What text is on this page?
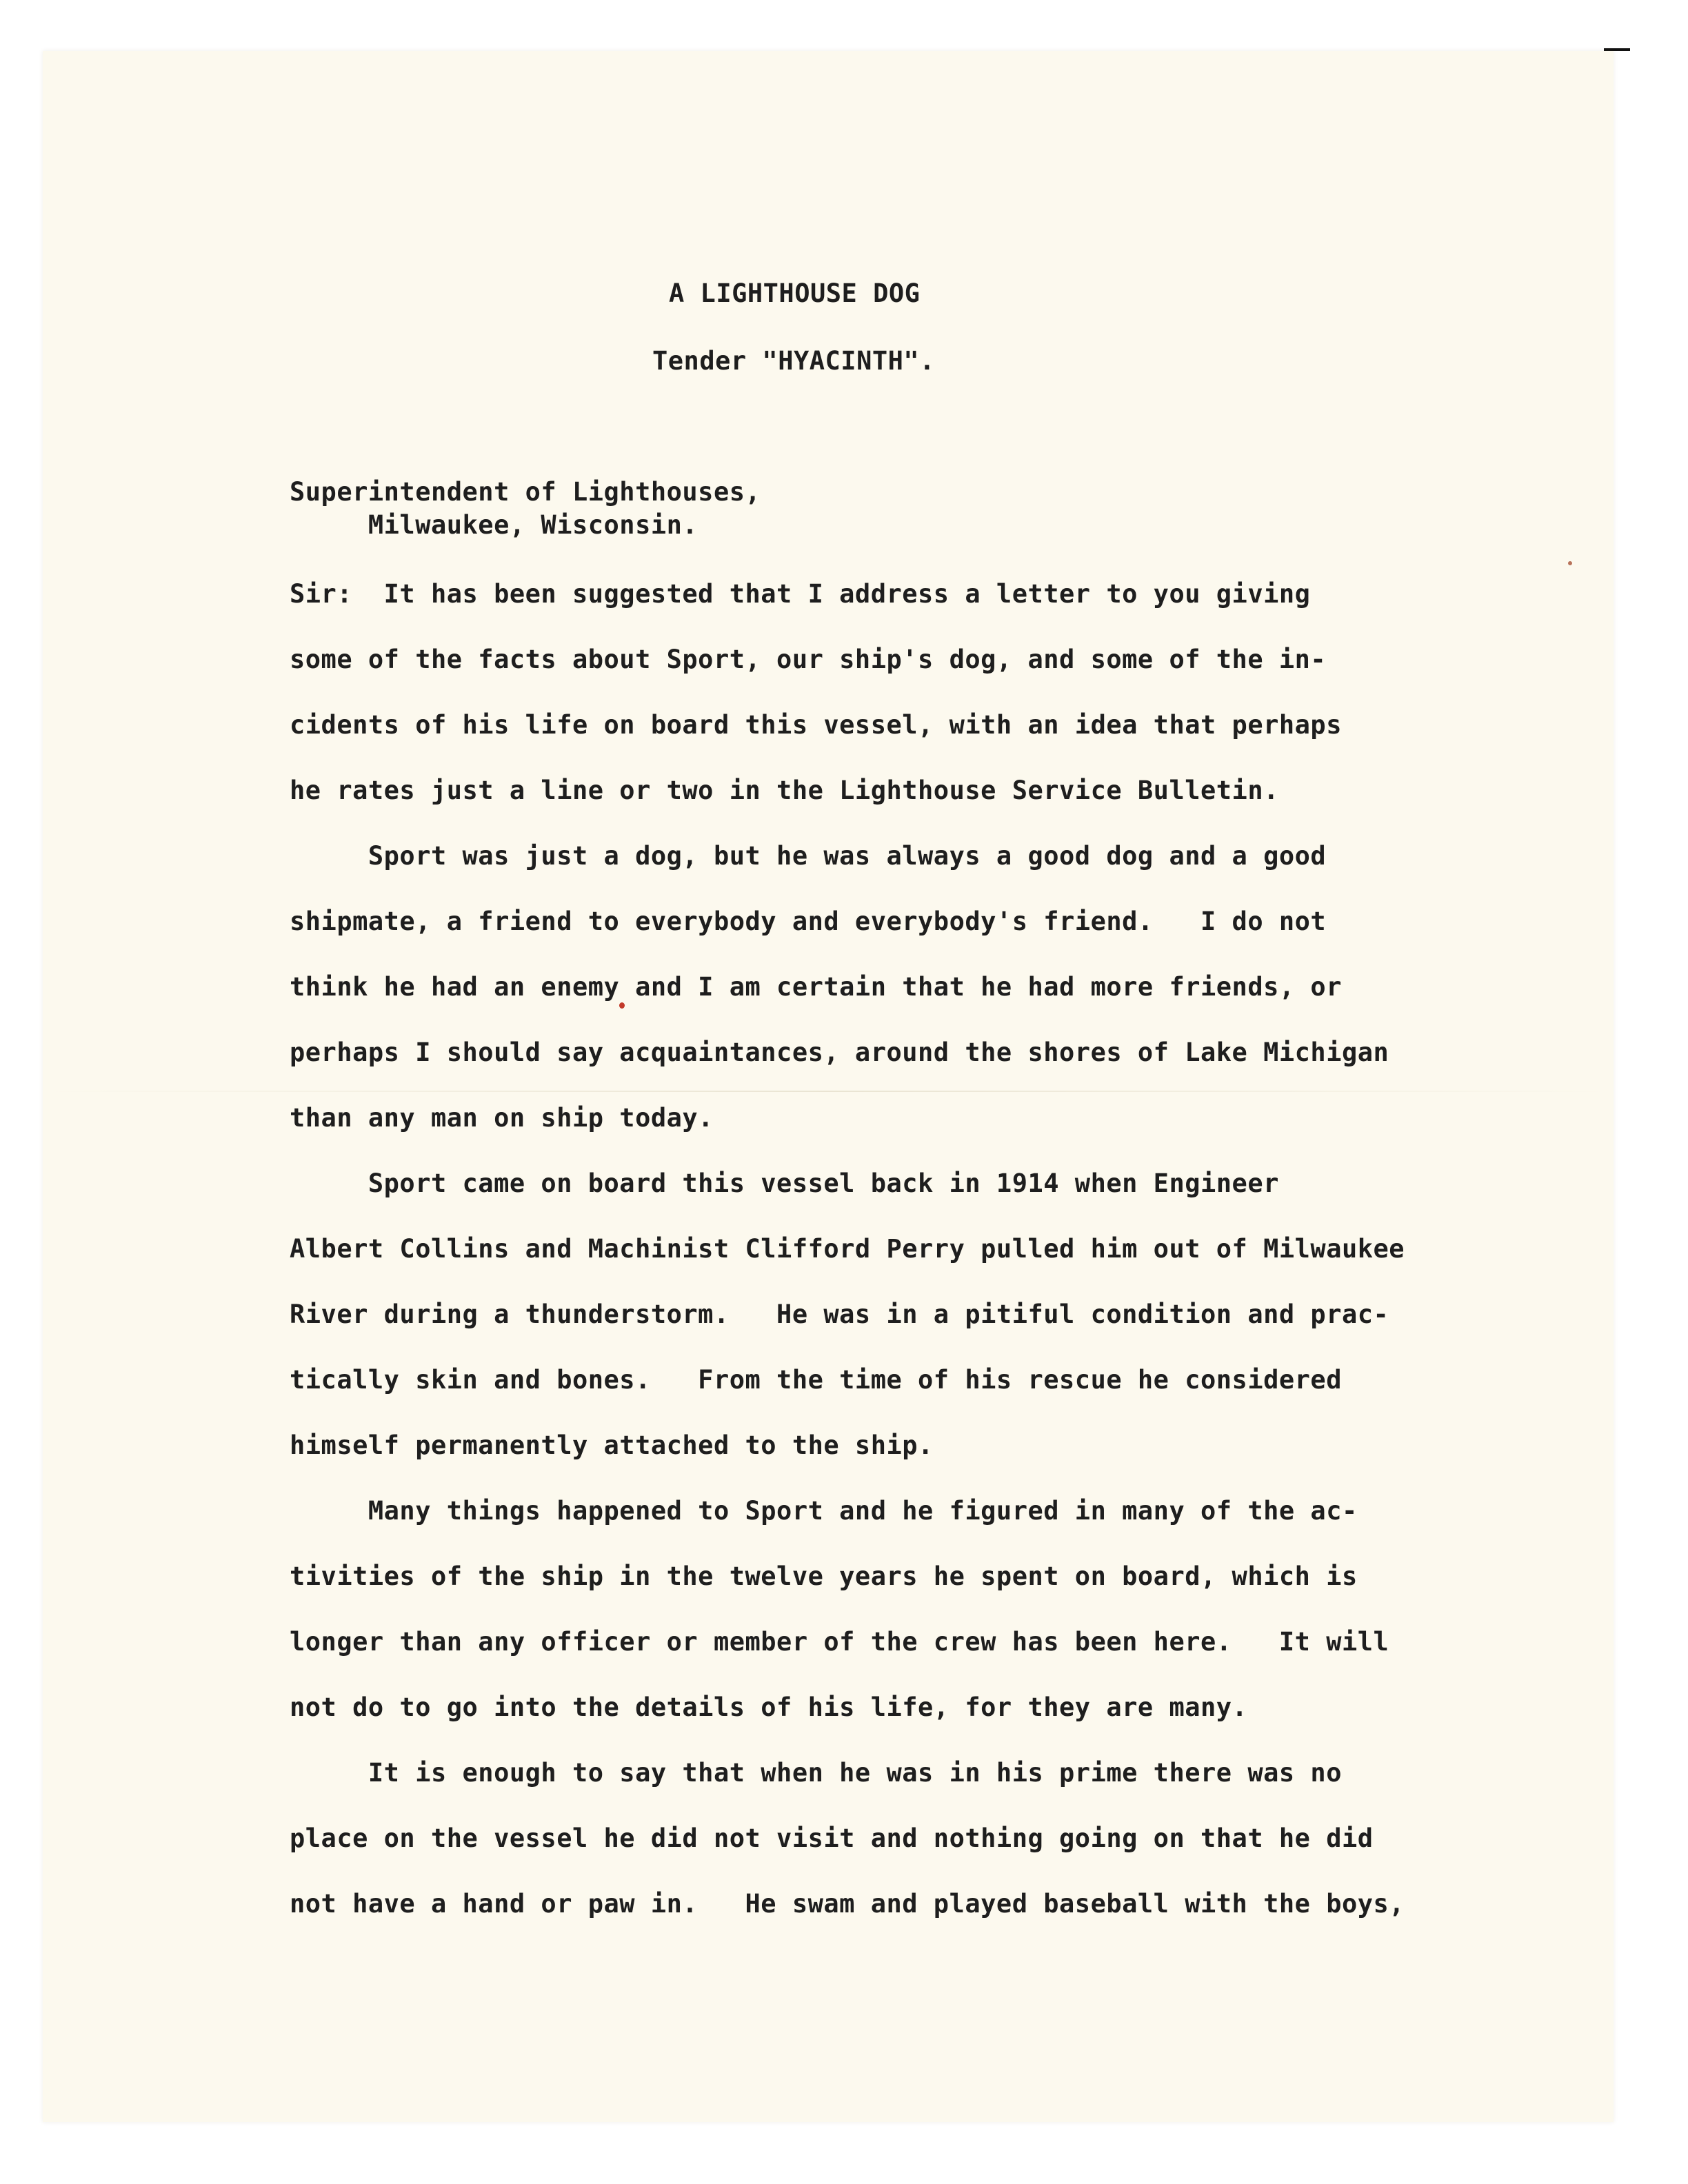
A LIGHTHOUSE DOG
Tender "HYACINTH".
Superintendent of Lighthouses,
Milwaukee, Wisconsin.
Sir:  It has been suggested that I address a letter to you giving
some of the facts about Sport, our ship's dog, and some of the in-
cidents of his life on board this vessel, with an idea that perhaps
he rates just a line or two in the Lighthouse Service Bulletin.
Sport was just a dog, but he was always a good dog and a good
shipmate, a friend to everybody and everybody's friend.   I do not
think he had an enemy and I am certain that he had more friends, or
perhaps I should say acquaintances, around the shores of Lake Michigan
than any man on ship today.
Sport came on board this vessel back in 1914 when Engineer
Albert Collins and Machinist Clifford Perry pulled him out of Milwaukee
River during a thunderstorm.   He was in a pitiful condition and prac-
tically skin and bones.   From the time of his rescue he considered
himself permanently attached to the ship.
Many things happened to Sport and he figured in many of the ac-
tivities of the ship in the twelve years he spent on board, which is
longer than any officer or member of the crew has been here.   It will
not do to go into the details of his life, for they are many.
It is enough to say that when he was in his prime there was no
place on the vessel he did not visit and nothing going on that he did
not have a hand or paw in.   He swam and played baseball with the boys,
